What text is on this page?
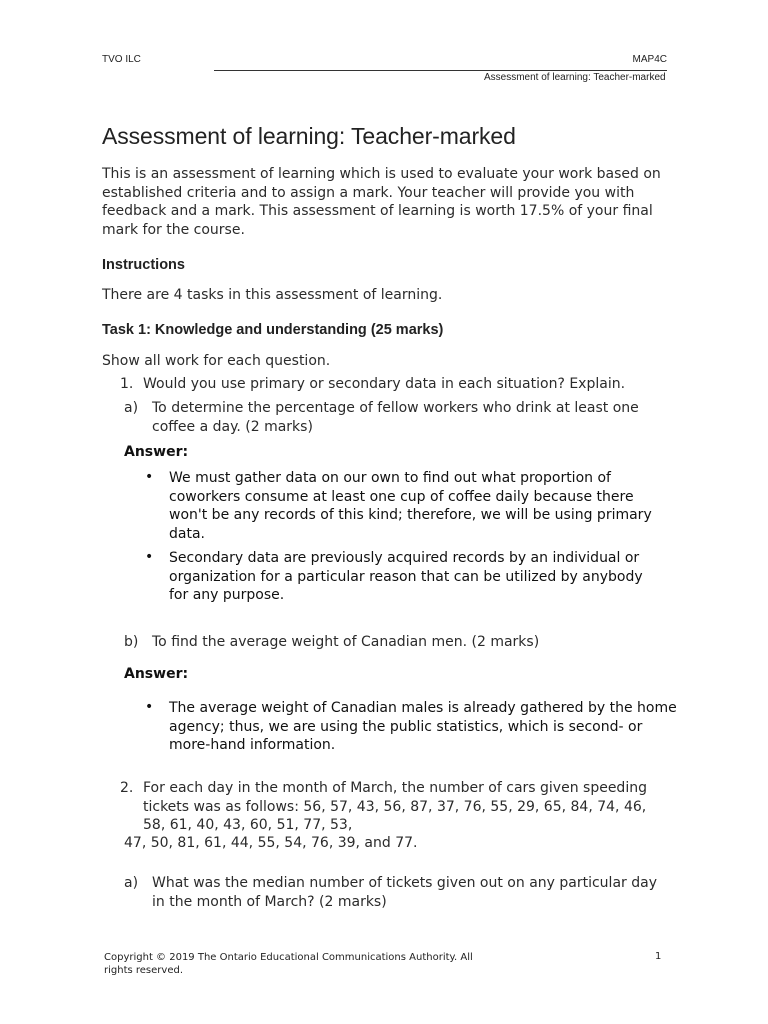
TVO ILC	MAP4C
Assessment of learning: Teacher-marked
Assessment of learning: Teacher-marked
This is an assessment of learning which is used to evaluate your work based on
established criteria and to assign a mark. Your teacher will provide you with
feedback and a mark. This assessment of learning is worth 17.5% of your final
mark for the course.
Instructions
There are 4 tasks in this assessment of learning.
Task 1: Knowledge and understanding (25 marks)
Show all work for each question.
1. Would you use primary or secondary data in each situation? Explain.
a) To determine the percentage of fellow workers who drink at least one
coffee a day. (2 marks)
Answer:
• We must gather data on our own to find out what proportion of
coworkers consume at least one cup of coffee daily because there
won't be any records of this kind; therefore, we will be using primary
data.
• Secondary data are previously acquired records by an individual or
organization for a particular reason that can be utilized by anybody
for any purpose.
b) To find the average weight of Canadian men. (2 marks)
Answer:
• The average weight of Canadian males is already gathered by the home
agency; thus, we are using the public statistics, which is second- or
more-hand information.
2. For each day in the month of March, the number of cars given speeding
tickets was as follows: 56, 57, 43, 56, 87, 37, 76, 55, 29, 65, 84, 74, 46,
58, 61, 40, 43, 60, 51, 77, 53,
47, 50, 81, 61, 44, 55, 54, 76, 39, and 77.
a) What was the median number of tickets given out on any particular day
in the month of March? (2 marks)
Copyright © 2019 The Ontario Educational Communications Authority. All rights reserved.
1
